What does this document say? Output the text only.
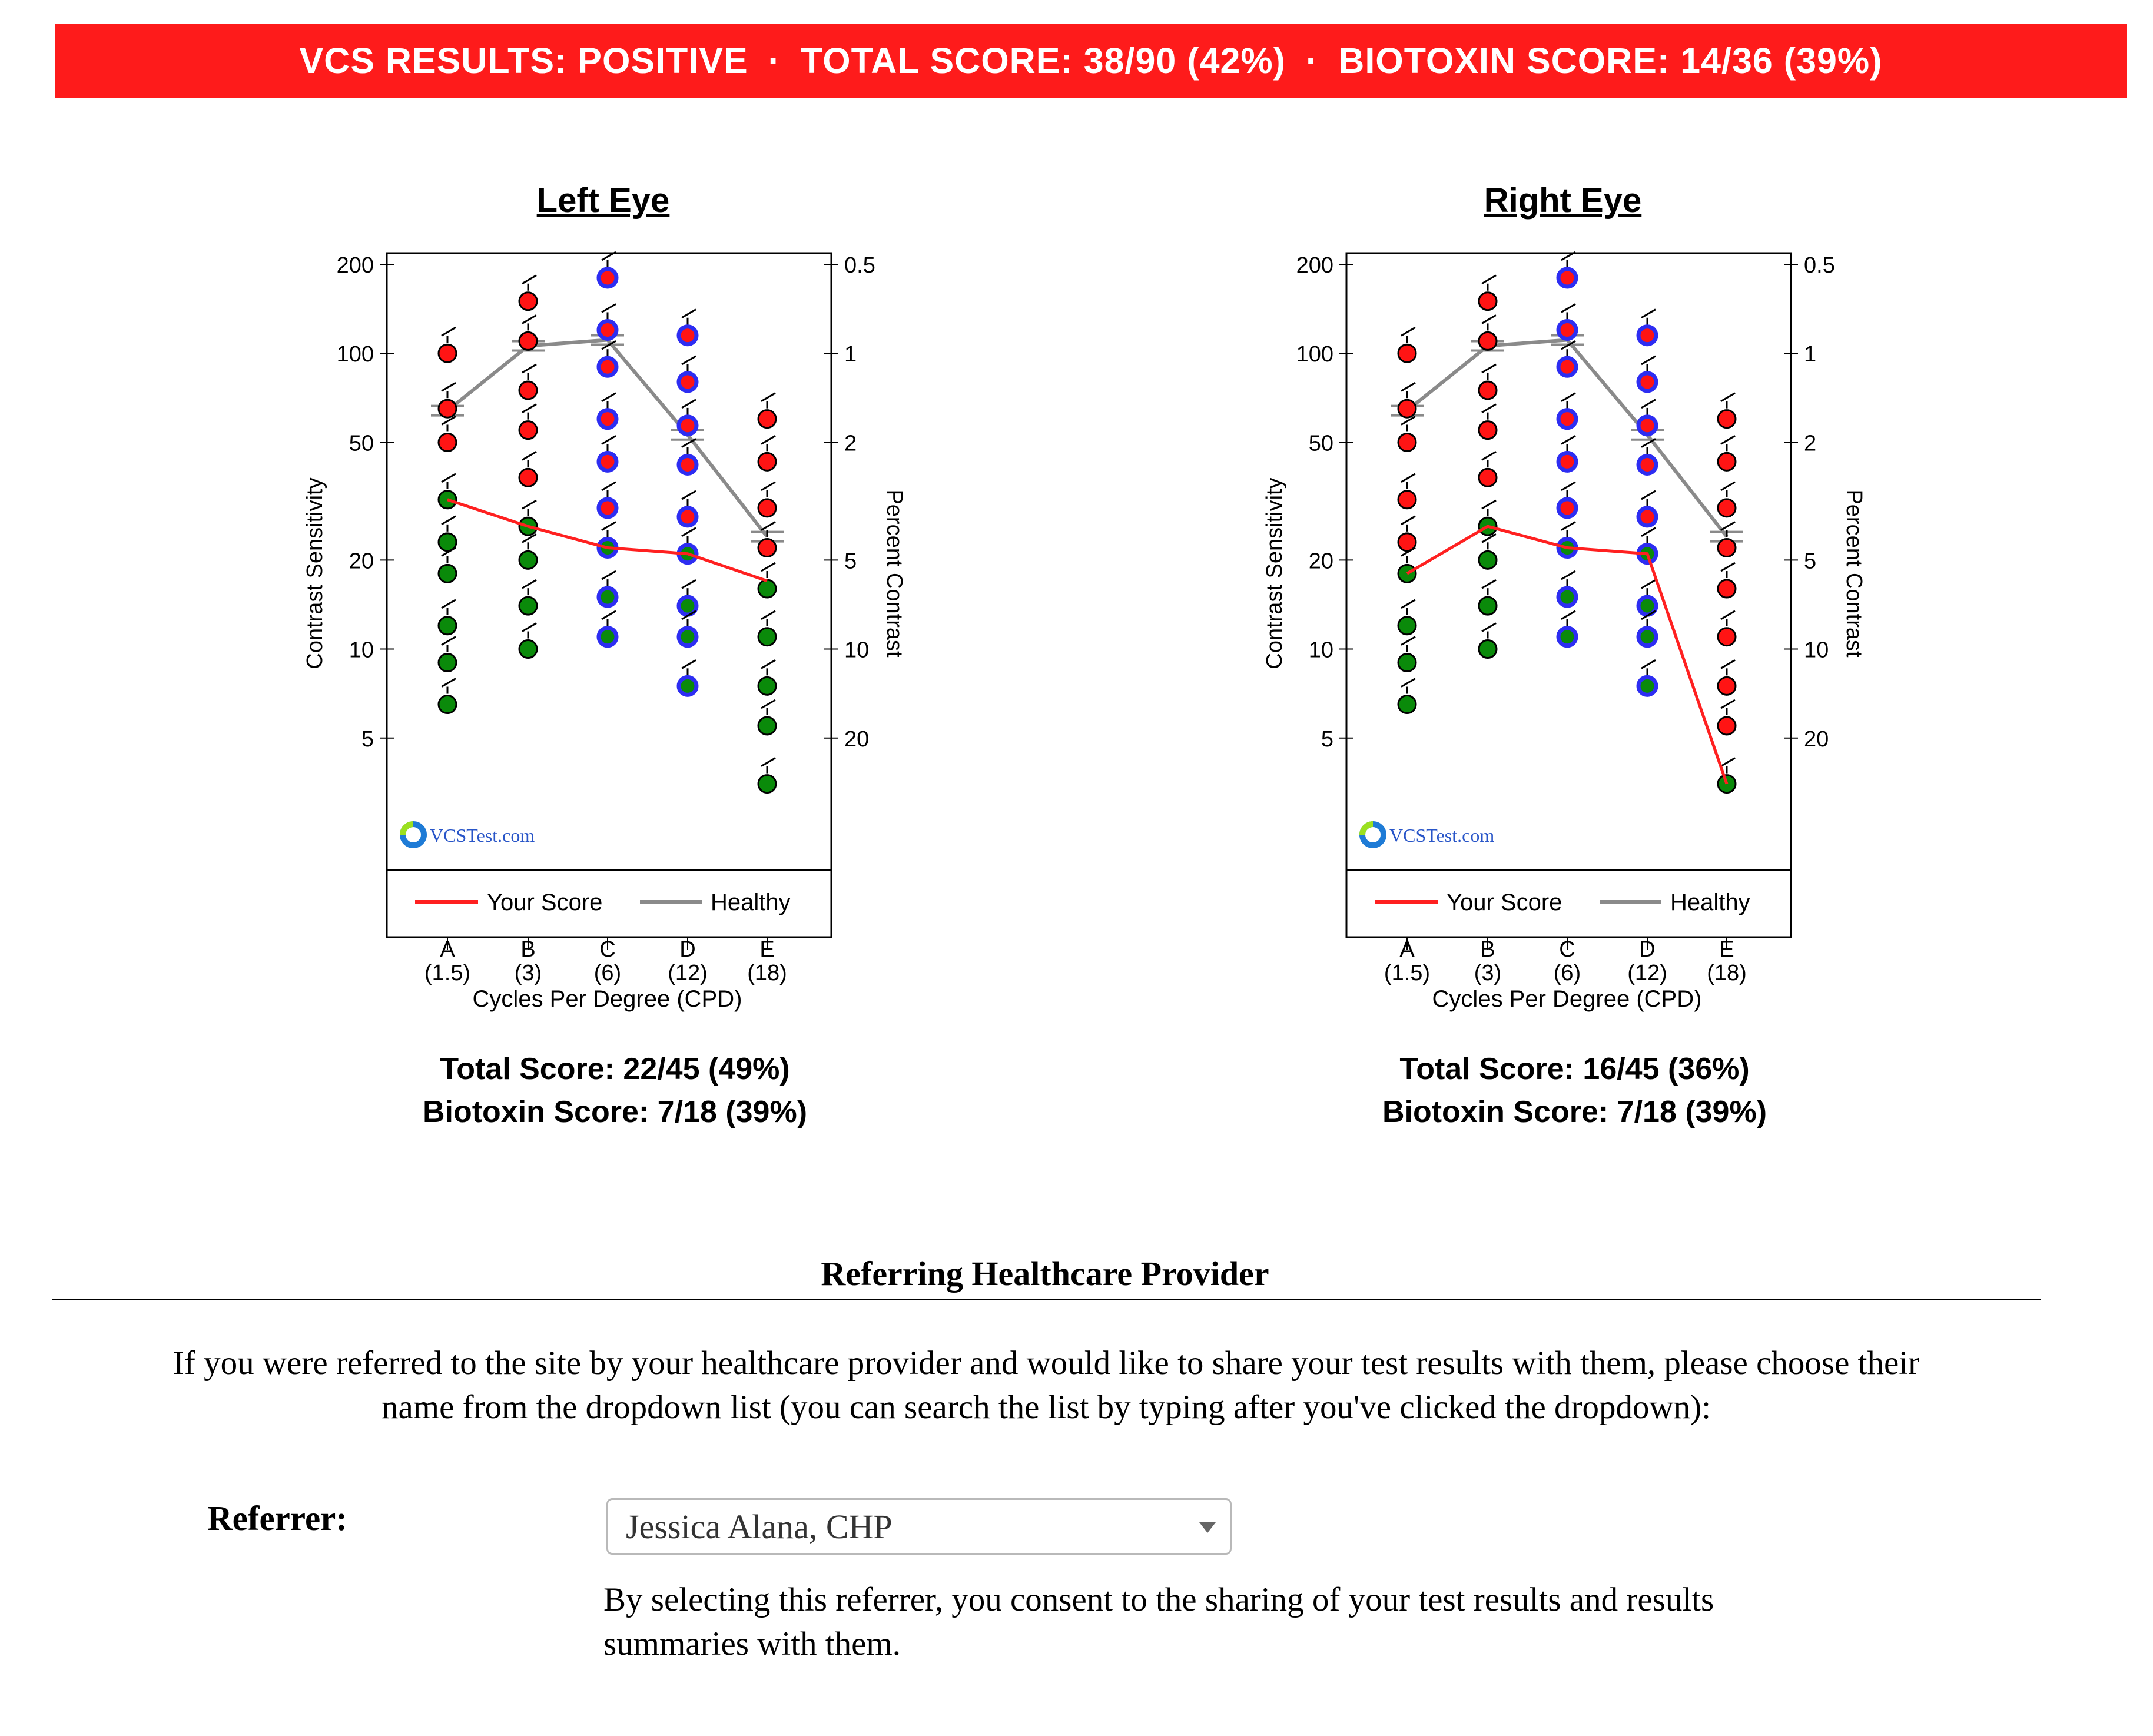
VCS RESULTS: POSITIVE · TOTAL SCORE: 38/90 (42%) · BIOTOXIN SCORE: 14/36 (39%)
Left Eye
200	0.5
100	1
50	2
20	5
10	10
5	20
Contrast Sensitivity	Percent Contrast
VCSTest.com
Your Score	Healthy
A
(1.5)
B
(3)
C
(6)
D
(12)
E
(18)
Cycles Per Degree (CPD)
Total Score: 22/45 (49%)
Biotoxin Score: 7/18 (39%)
Right Eye
200	0.5
100	1
50	2
20	5
10	10
5	20
Contrast Sensitivity	Percent Contrast
VCSTest.com
Your Score	Healthy
A
(1.5)
B
(3)
C
(6)
D
(12)
E
(18)
Cycles Per Degree (CPD)
Total Score: 16/45 (36%)
Biotoxin Score: 7/18 (39%)
Referring Healthcare Provider
If you were referred to the site by your healthcare provider and would like to share your test results with them, please choose their
name from the dropdown list (you can search the list by typing after you've clicked the dropdown):
Referrer:	Jessica Alana, CHP
By selecting this referrer, you consent to the sharing of your test results and results
summaries with them.
